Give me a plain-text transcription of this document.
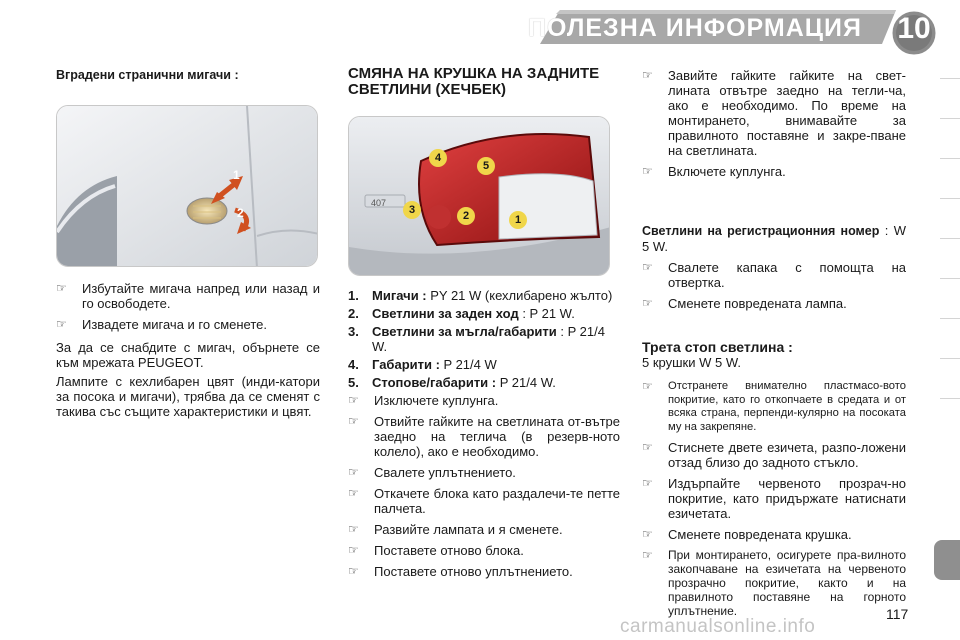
ПОЛЕЗНА ИНФОРМАЦИЯ	10
Вградени странични мигачи :
1
2
☞ Избутайте мигача напред или назад и го освободете.
☞ Извадете мигача и го сменете.
За да се снабдите с мигач, обърнете се към мрежата PEUGEOT.
Лампите с кехлибарен цвят (инди-катори за посока и мигачи), трябва да се сменят с такива със същите характеристики и цвят.
СМЯНА НА КРУШКА НА ЗАДНИТЕ СВЕТЛИНИ (ХЕЧБЕК)
407
4
5
3	2	1
1. Мигачи : PY 21 W (кехлибарено жълто)
2. Светлини за заден ход : P 21 W.
3. Светлини за мъгла/габарити : P 21/4 W.
4. Габарити : P 21/4 W
5. Стопове/габарити : P 21/4 W.
☞ Изключете куплунга.
☞ Отвийте гайките на светлината от-вътре заедно на теглича (в резерв-ното колело), ако е необходимо.
☞ Свалете уплътнението.
☞ Откачете блока като раздалечи-те петте палчета.
☞ Развийте лампата и я сменете.
☞ Поставете отново блока.
☞ Поставете отново уплътнението.
☞ Завийте гайките гайките на свет-лината отвътре заедно на тегли-ча, ако е необходимо. По време на монтирането, внимавайте за правилното поставяне и закре-пване на светлината.
☞ Включете куплунга.
Светлини на регистрационния номер : W 5 W.
☞ Свалете капака с помощта на отвертка.
☞ Сменете повредената лампа.
Трета стоп светлина :
5 крушки W 5 W.
☞ Отстранете внимателно пластмасо-вото покритие, като го откопчаете в средата и от всяка страна, перпенди-кулярно на посоката му на закрепяне.
☞ Стиснете двете езичета, разпо-ложени отзад близо до задното стъкло.
☞ Издърпайте червеното прозрач-но покритие, като придържате натиснати езичетата.
☞ Сменете повредената крушка.
☞ При монтирането, осигурете пра-вилното закопчаване на езичетата на червеното прозрачно покритие, както и на правилното поставяне на горното уплътнение.
carmanualsonline.info
117
